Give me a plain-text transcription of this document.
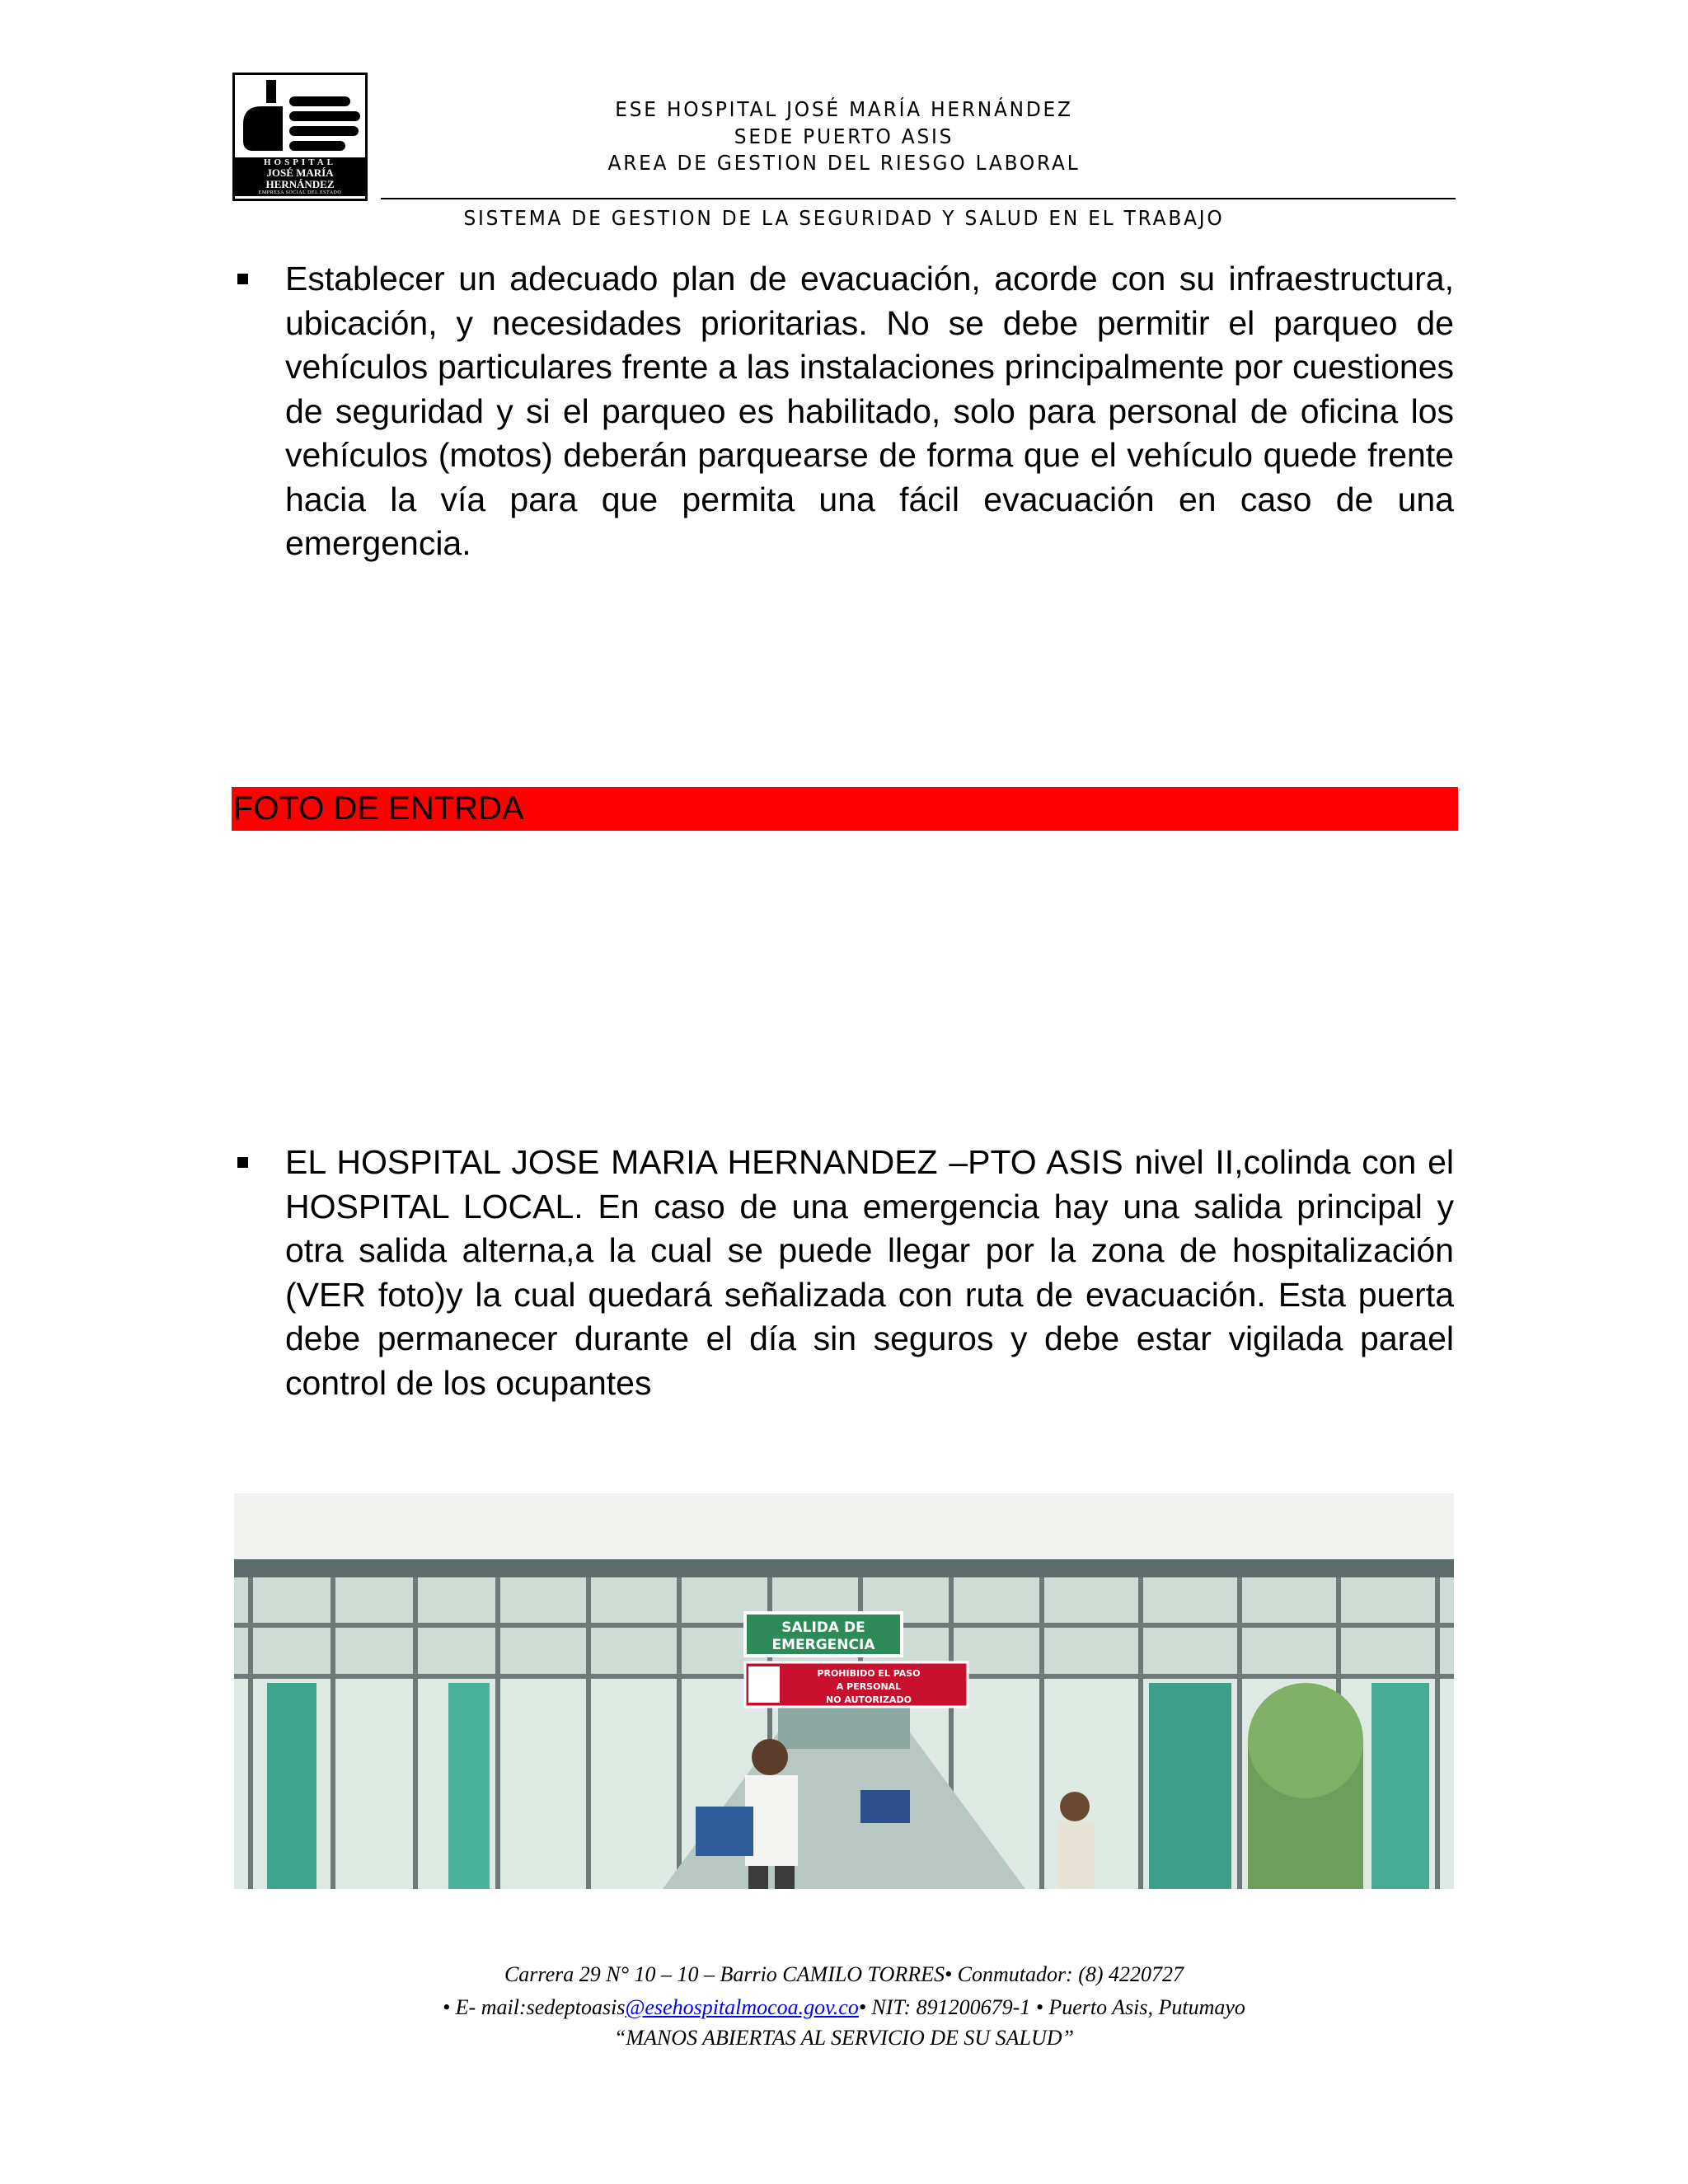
HOSPITAL
JOSÉ MARÍA HERNÁNDEZ
EMPRESA SOCIAL DEL ESTADO
ESE HOSPITAL JOSÉ MARÍA HERNÁNDEZ
SEDE PUERTO ASIS
AREA DE GESTION DEL RIESGO LABORAL
SISTEMA DE GESTION DE LA SEGURIDAD Y SALUD EN EL TRABAJO

Establecer un adecuado plan de evacuación, acorde con su infraestructura, ubicación, y necesidades prioritarias. No se debe permitir el parqueo de vehículos particulares frente a las instalaciones principalmente por cuestiones de seguridad y si el parqueo es habilitado, solo para personal de oficina los vehículos (motos) deberán parquearse de forma que el vehículo quede frente hacia la vía para que permita una fácil evacuación en caso de una emergencia.

FOTO DE ENTRDA

EL HOSPITAL JOSE MARIA HERNANDEZ –PTO ASIS nivel II,colinda con el HOSPITAL LOCAL. En caso de una emergencia hay una salida principal y otra salida alterna,a la cual se puede llegar por la zona de hospitalización (VER foto)y la cual quedará señalizada con ruta de evacuación. Esta puerta debe permanecer durante el día sin seguros y debe estar vigilada parael control de los ocupantes

SALIDA DE
EMERGENCIA
PROHIBIDO EL PASO
A PERSONAL
NO AUTORIZADO
Carrera 29 N° 10 – 10 – Barrio CAMILO TORRES• Conmutador: (8) 4220727
• E- mail:sedeptoasis@esehospitalmocoa.gov.co• NIT: 891200679-1 • Puerto Asis, Putumayo
“MANOS ABIERTAS AL SERVICIO DE SU SALUD”
